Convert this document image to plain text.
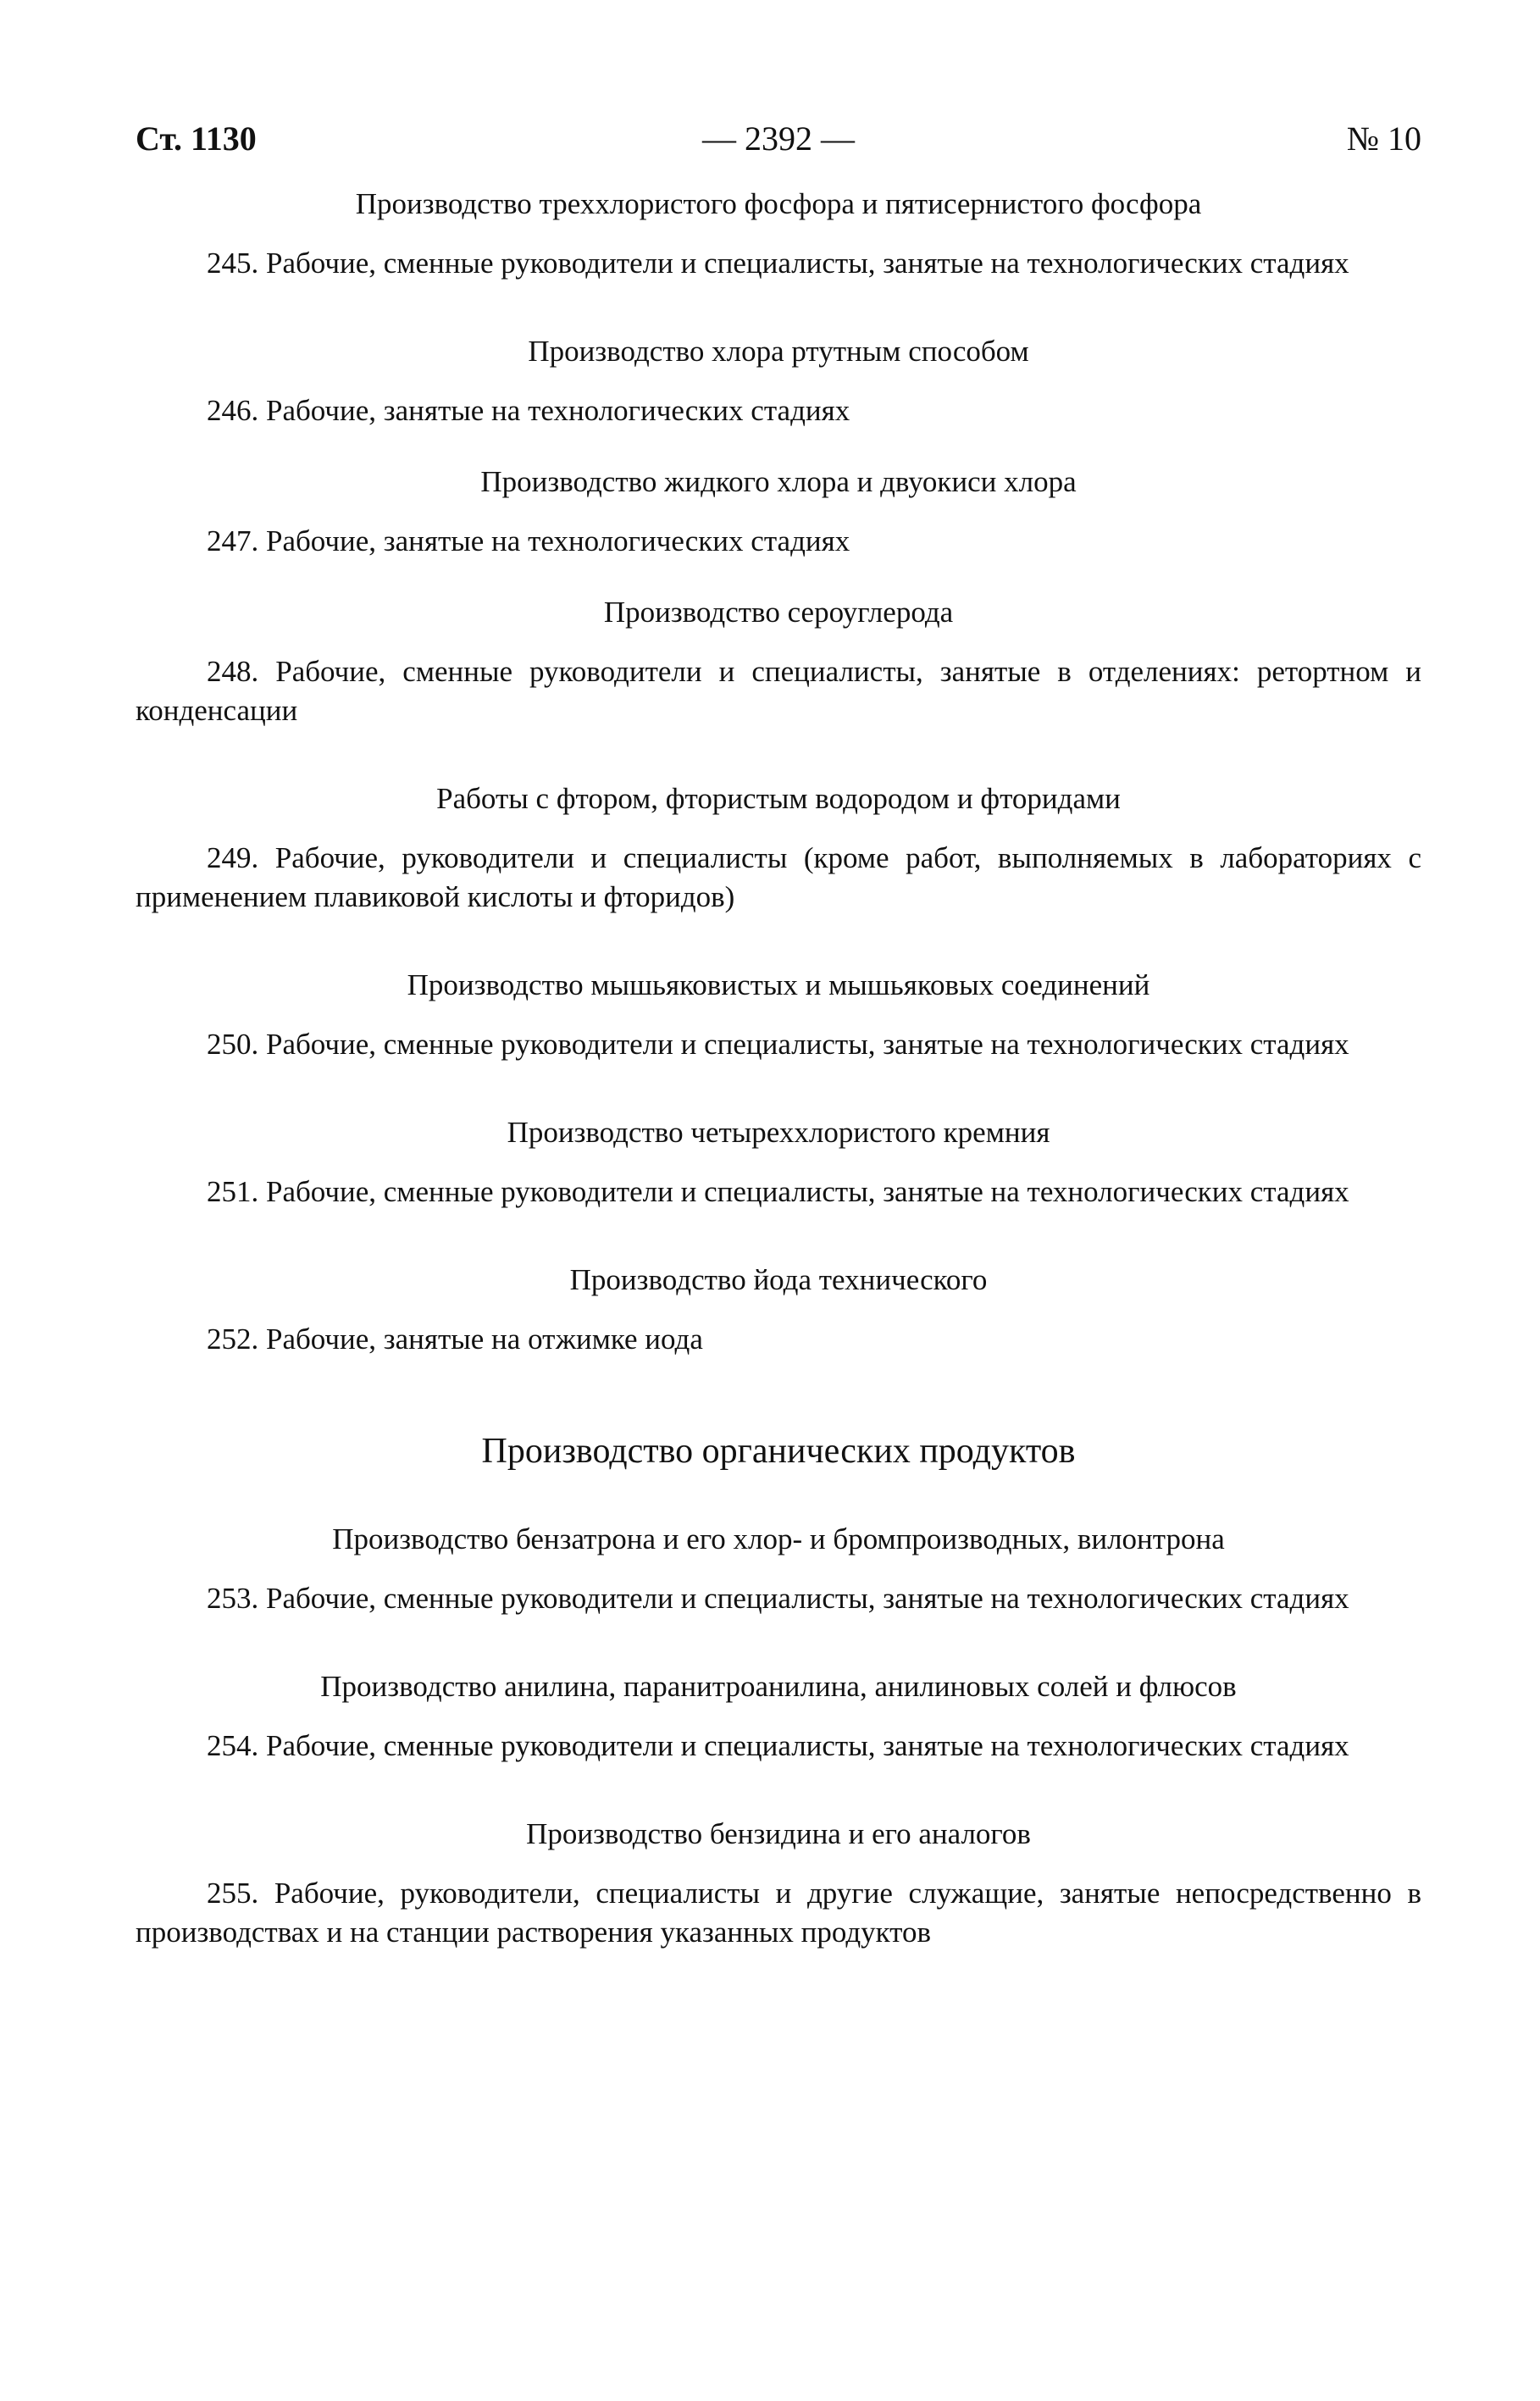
Ст. 1130	— 2392 —	№ 10
Производство треххлористого фосфора и пятисернистого фосфора
245. Рабочие, сменные руководители и специалисты, занятые на технологических стадиях
Производство хлора ртутным способом
246. Рабочие, занятые на технологических стадиях
Производство жидкого хлора и двуокиси хлора
247. Рабочие, занятые на технологических стадиях
Производство сероуглерода
248. Рабочие, сменные руководители и специалисты, занятые в отделениях: ретортном и конденсации
Работы с фтором, фтористым водородом и фторидами
249. Рабочие, руководители и специалисты (кроме работ, выполняемых в лабораториях с применением плавиковой кислоты и фторидов)
Производство мышьяковистых и мышьяковых соединений
250. Рабочие, сменные руководители и специалисты, занятые на технологических стадиях
Производство четыреххлористого кремния
251. Рабочие, сменные руководители и специалисты, занятые на технологических стадиях
Производство йода технического
252. Рабочие, занятые на отжимке иода
Производство органических продуктов
Производство бензатрона и его хлор- и бромпроизводных, вилонтрона
253. Рабочие, сменные руководители и специалисты, занятые на технологических стадиях
Производство анилина, паранитроанилина, анилиновых солей и флюсов
254. Рабочие, сменные руководители и специалисты, занятые на технологических стадиях
Производство бензидина и его аналогов
255. Рабочие, руководители, специалисты и другие служащие, занятые непосредственно в производствах и на станции растворения указанных продуктов
